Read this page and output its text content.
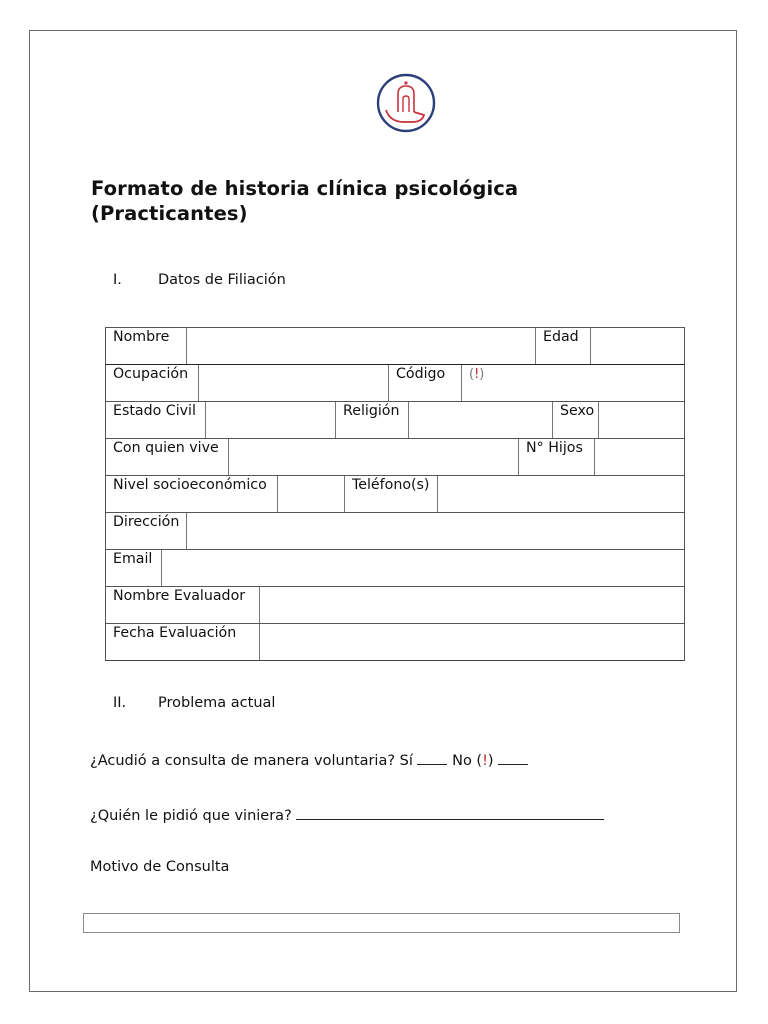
Formato de historia clínica psicológica
(Practicantes)
I.	Datos de Filiación
Nombre	Edad
Ocupación	Código	(!)
Estado Civil	Religión	Sexo
Con quien vive	N° Hijos
Nivel socioeconómico	Teléfono(s)
Dirección
Email
Nombre Evaluador
Fecha Evaluación
II.	Problema actual
¿Acudió a consulta de manera voluntaria? Sí	No (!)
¿Quién le pidió que viniera?
Motivo de Consulta
